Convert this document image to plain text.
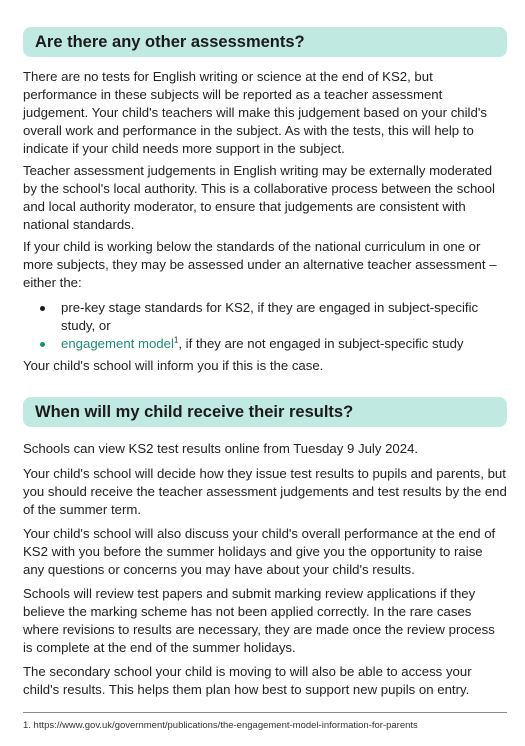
Are there any other assessments?

There are no tests for English writing or science at the end of KS2, but performance in these subjects will be reported as a teacher assessment judgement. Your child's teachers will make this judgement based on your child's overall work and performance in the subject. As with the tests, this will help to indicate if your child needs more support in the subject.

Teacher assessment judgements in English writing may be externally moderated by the school's local authority. This is a collaborative process between the school and local authority moderator, to ensure that judgements are consistent with national standards.

If your child is working below the standards of the national curriculum in one or more subjects, they may be assessed under an alternative teacher assessment – either the:

pre-key stage standards for KS2, if they are engaged in subject-specific study, or
engagement model$^1$, if they are not engaged in subject-specific study

Your child's school will inform you if this is the case.

When will my child receive their results?

Schools can view KS2 test results online from Tuesday 9 July 2024.

Your child's school will decide how they issue test results to pupils and parents, but you should receive the teacher assessment judgements and test results by the end of the summer term.

Your child's school will also discuss your child's overall performance at the end of KS2 with you before the summer holidays and give you the opportunity to raise any questions or concerns you may have about your child's results.

Schools will review test papers and submit marking review applications if they believe the marking scheme has not been applied correctly. In the rare cases where revisions to results are necessary, they are made once the review process is complete at the end of the summer holidays.

The secondary school your child is moving to will also be able to access your child's results. This helps them plan how best to support new pupils on entry.

1. https://www.gov.uk/government/publications/the-engagement-model-information-for-parents
